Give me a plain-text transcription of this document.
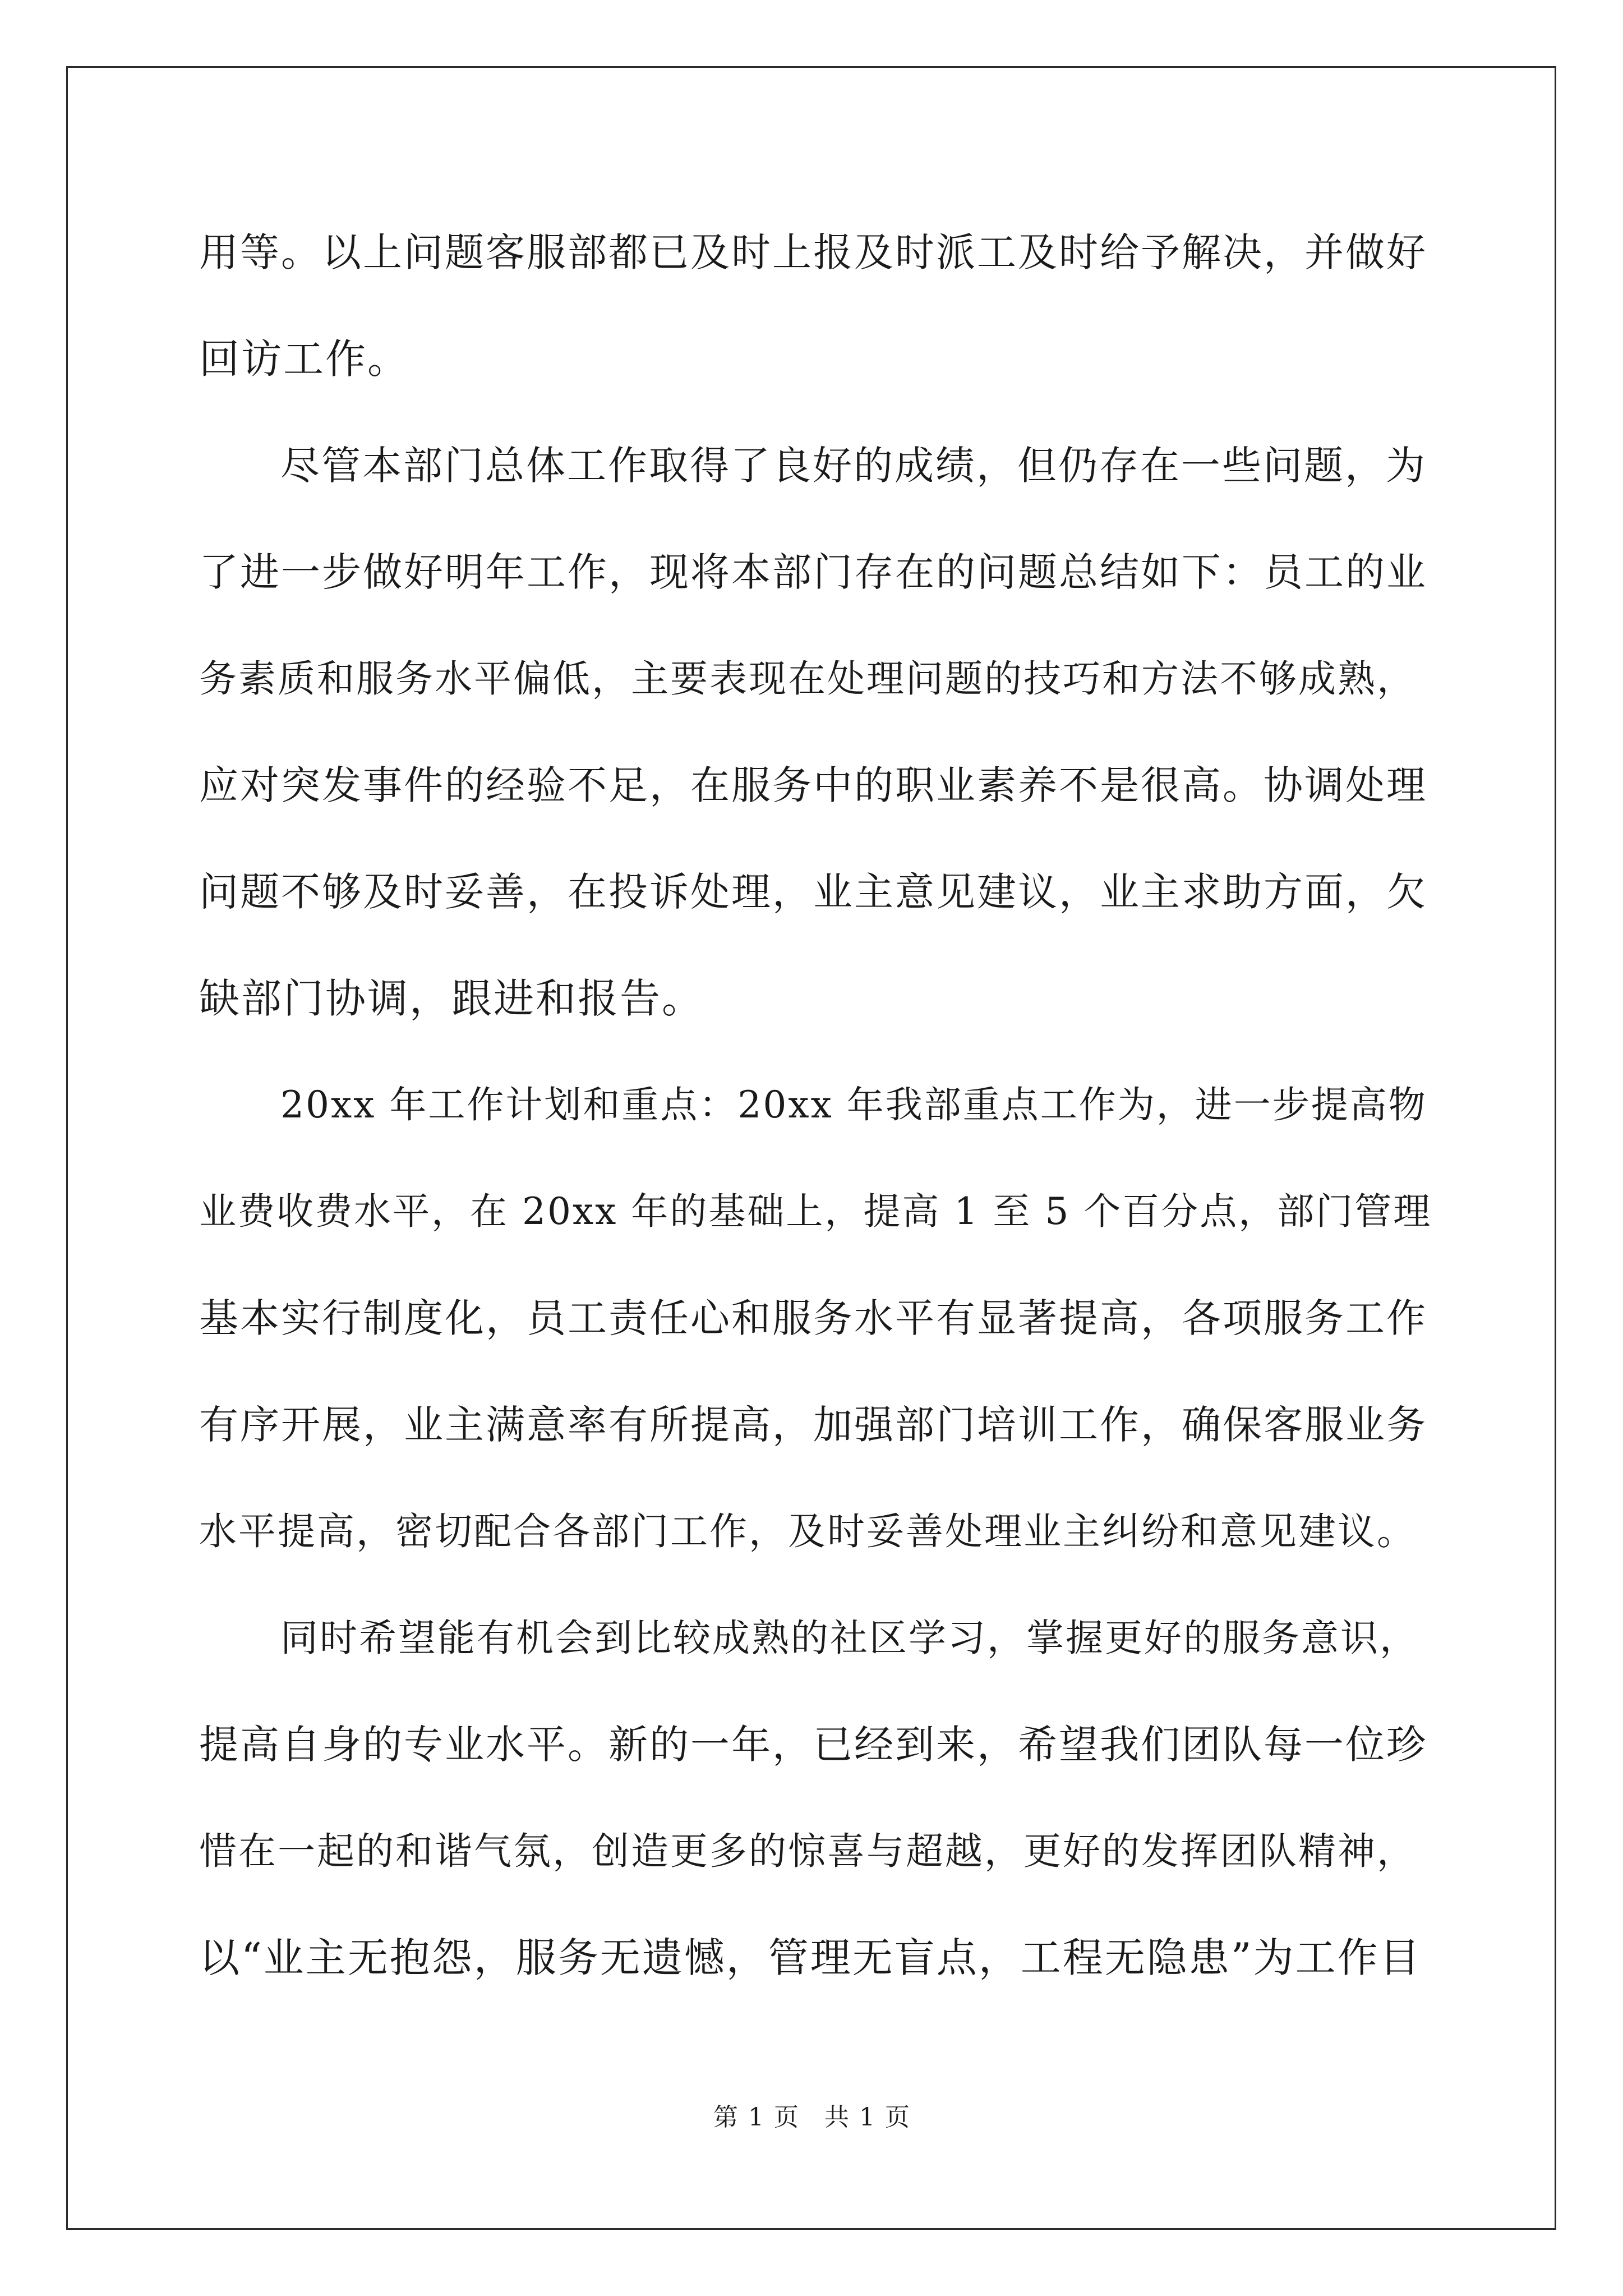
用等。以上问题客服部都已及时上报及时派工及时给予解决，并做好

回访工作。

尽管本部门总体工作取得了良好的成绩，但仍存在一些问题，为

了进一步做好明年工作，现将本部门存在的问题总结如下：员工的业

务素质和服务水平偏低，主要表现在处理问题的技巧和方法不够成熟，

应对突发事件的经验不足，在服务中的职业素养不是很高。协调处理

问题不够及时妥善，在投诉处理，业主意见建议，业主求助方面，欠

缺部门协调，跟进和报告。

20xx 年工作计划和重点：20xx 年我部重点工作为，进一步提高物

业费收费水平，在 20xx 年的基础上，提高 1 至 5 个百分点，部门管理

基本实行制度化，员工责任心和服务水平有显著提高，各项服务工作

有序开展，业主满意率有所提高，加强部门培训工作，确保客服业务

水平提高，密切配合各部门工作，及时妥善处理业主纠纷和意见建议。

同时希望能有机会到比较成熟的社区学习，掌握更好的服务意识，

提高自身的专业水平。新的一年，已经到来，希望我们团队每一位珍

惜在一起的和谐气氛，创造更多的惊喜与超越，更好的发挥团队精神，

以“业主无抱怨，服务无遗憾，管理无盲点，工程无隐患”为工作目

第 1 页 共 1 页
